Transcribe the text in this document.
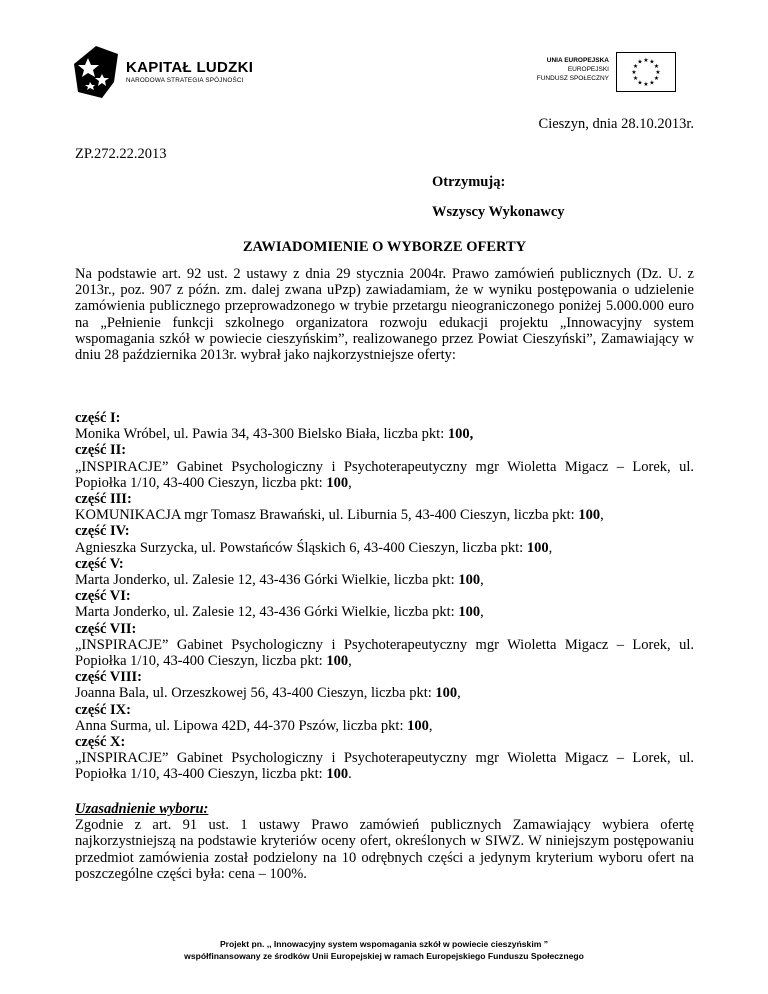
KAPITAŁ LUDZKI
NARODOWA STRATEGIA SPÓJNOŚCI
UNIA EUROPEJSKA
EUROPEJSKI
FUNDUSZ SPOŁECZNY
★ ★
★
★
★
★
★
★
★
★
★
★
Cieszyn, dnia 28.10.2013r.
ZP.272.22.2013
Otrzymują:
Wszyscy Wykonawcy
ZAWIADOMIENIE O WYBORZE OFERTY
Na podstawie art. 92 ust. 2 ustawy z dnia 29 stycznia 2004r. Prawo zamówień publicznych (Dz. U. z 2013r., poz. 907 z późn. zm. dalej zwana uPzp) zawiadamiam, że w wyniku postępowania o udzielenie zamówienia publicznego przeprowadzonego w trybie przetargu nieograniczonego poniżej 5.000.000 euro na „Pełnienie funkcji szkolnego organizatora rozwoju edukacji projektu „Innowacyjny system wspomagania szkół w powiecie cieszyńskim”, realizowanego przez Powiat Cieszyński”, Zamawiający w dniu 28 października 2013r. wybrał jako najkorzystniejsze oferty:
część I:
Monika Wróbel, ul. Pawia 34, 43-300 Bielsko Biała, liczba pkt: 100,
część II:
„INSPIRACJE” Gabinet Psychologiczny i Psychoterapeutyczny mgr Wioletta Migacz – Lorek, ul. Popiołka 1/10, 43-400 Cieszyn, liczba pkt: 100,
część III:
KOMUNIKACJA mgr Tomasz Brawański, ul. Liburnia 5, 43-400 Cieszyn, liczba pkt: 100,
część IV:
Agnieszka Surzycka, ul. Powstańców Śląskich 6, 43-400 Cieszyn, liczba pkt: 100,
część V:
Marta Jonderko, ul. Zalesie 12, 43-436 Górki Wielkie, liczba pkt: 100,
część VI:
Marta Jonderko, ul. Zalesie 12, 43-436 Górki Wielkie, liczba pkt: 100,
część VII:
„INSPIRACJE” Gabinet Psychologiczny i Psychoterapeutyczny mgr Wioletta Migacz – Lorek, ul. Popiołka 1/10, 43-400 Cieszyn, liczba pkt: 100,
część VIII:
Joanna Bala, ul. Orzeszkowej 56, 43-400 Cieszyn, liczba pkt: 100,
część IX:
Anna Surma, ul. Lipowa 42D, 44-370 Pszów, liczba pkt: 100,
część X:
„INSPIRACJE” Gabinet Psychologiczny i Psychoterapeutyczny mgr Wioletta Migacz – Lorek, ul. Popiołka 1/10, 43-400 Cieszyn, liczba pkt: 100.
Uzasadnienie wyboru:
Zgodnie z art. 91 ust. 1 ustawy Prawo zamówień publicznych Zamawiający wybiera ofertę najkorzystniejszą na podstawie kryteriów oceny ofert, określonych w SIWZ. W niniejszym postępowaniu przedmiot zamówienia został podzielony na 10 odrębnych części a jedynym kryterium wyboru ofert na poszczególne części była: cena – 100%.
Projekt pn. ,, Innowacyjny system wspomagania szkół w powiecie cieszyńskim ”
współfinansowany ze środków Unii Europejskiej w ramach Europejskiego Funduszu Społecznego
